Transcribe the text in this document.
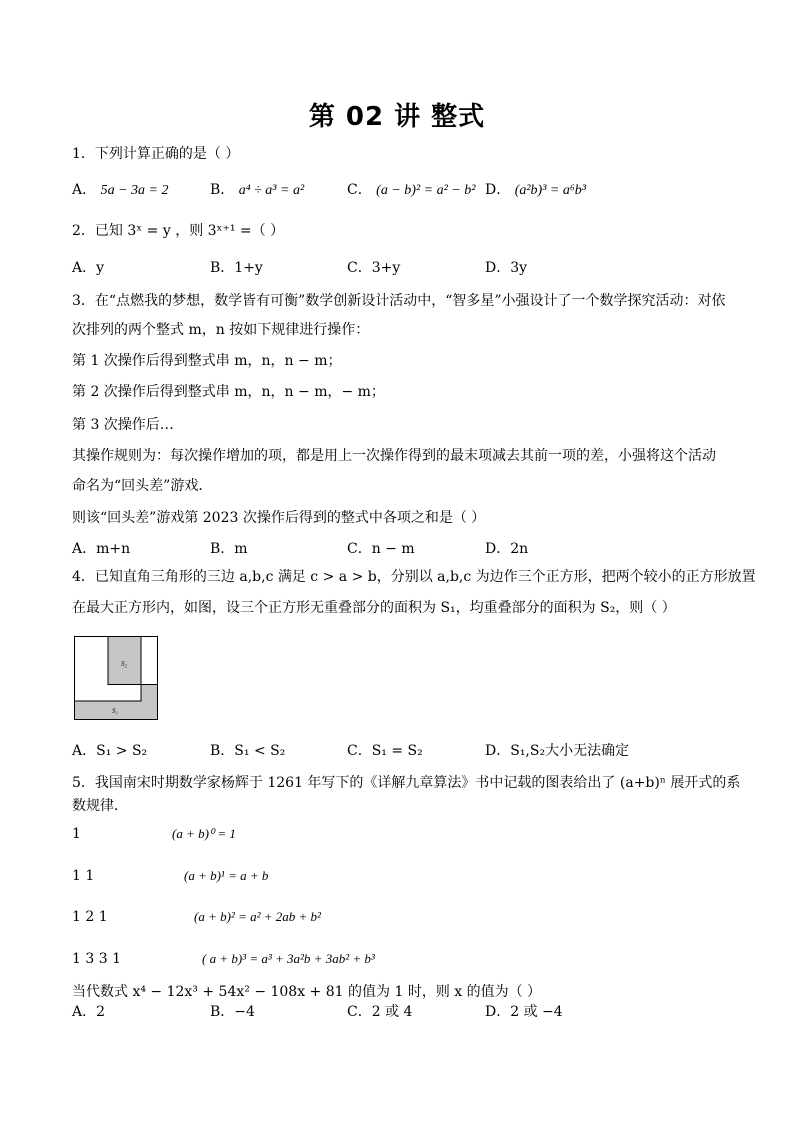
第 02 讲 整式
1．下列计算正确的是（ ）
A． 5a − 3a = 2	B． a⁴ ÷ a³ = a²	C． (a − b)² = a² − b² D． (a²b)³ = a⁶b³
2．已知 3ˣ = y ，则 3ˣ⁺¹ =（ ）
A．y	B．1+y	C．3+y	D．3y
3．在“点燃我的梦想，数学皆有可衡”数学创新设计活动中，“智多星”小强设计了一个数学探究活动：对依
次排列的两个整式 m，n 按如下规律进行操作：
第 1 次操作后得到整式串 m，n，n − m；
第 2 次操作后得到整式串 m，n，n − m，− m；
第 3 次操作后…
其操作规则为：每次操作增加的项，都是用上一次操作得到的最末项减去其前一项的差，小强将这个活动
命名为“回头差”游戏．
则该“回头差”游戏第 2023 次操作后得到的整式中各项之和是（ ）
A．m+n	B．m	C．n − m	D．2n
4．已知直角三角形的三边 a,b,c 满足 c > a > b，分别以 a,b,c 为边作三个正方形，把两个较小的正方形放置
在最大正方形内，如图，设三个正方形无重叠部分的面积为 S₁，均重叠部分的面积为 S₂，则（ ）
S₂
S₁
A．S₁ > S₂	B．S₁ < S₂	C．S₁ = S₂	D．S₁,S₂大小无法确定
5．我国南宋时期数学家杨辉于 1261 年写下的《详解九章算法》书中记载的图表给出了 (a+b)ⁿ 展开式的系
数规律．
1	(a + b)⁰ = 1
1 1	(a + b)¹ = a + b
1 2 1	(a + b)² = a² + 2ab + b²
1 3 3 1	( a + b)³ = a³ + 3a²b + 3ab² + b³
当代数式 x⁴ − 12x³ + 54x² − 108x + 81 的值为 1 时，则 x 的值为（ ）
A．2	B．−4	C．2 或 4	D．2 或 −4
